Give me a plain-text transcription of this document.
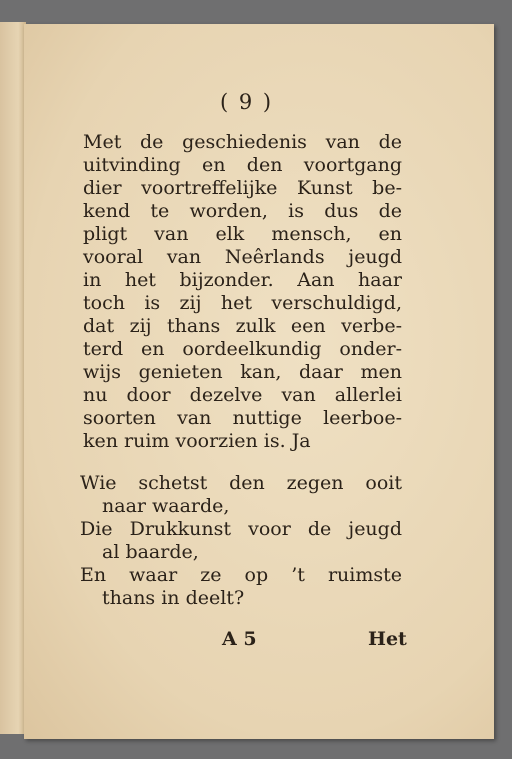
( 9 )
Met de geschiedenis van de
uitvinding en den voortgang
dier voortreffelijke Kunst be-
kend te worden, is dus de
pligt van elk mensch, en
vooral van Neêrlands jeugd
in het bijzonder. Aan haar
toch is zij het verschuldigd,
dat zij thans zulk een verbe-
terd en oordeelkundig onder-
wijs genieten kan, daar men
nu door dezelve van allerlei
soorten van nuttige leerboe-
ken ruim voorzien is. Ja
Wie schetst den zegen ooit
naar waarde,
Die Drukkunst voor de jeugd
al baarde,
En waar ze op ’t ruimste
thans in deelt?
A 5	Het
